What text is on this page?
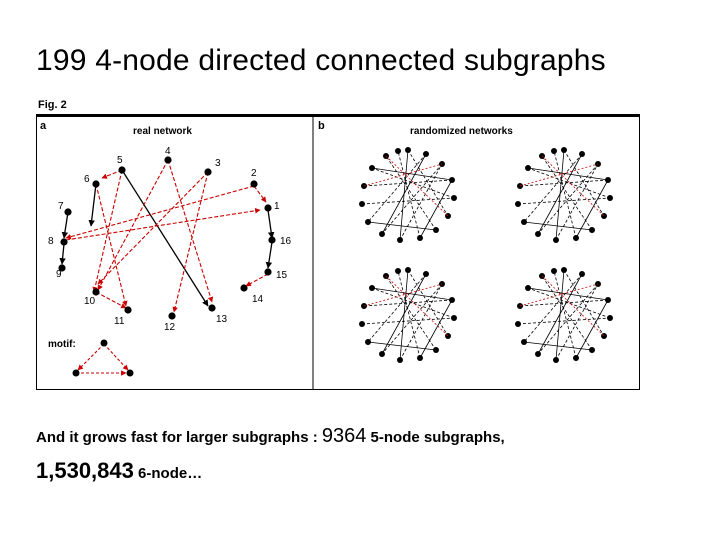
199 4-node directed connected subgraphs
Fig. 2
a	real network
1
2
3
4
5
6
7
8
9
10
11
12
13
14
15
16
motif:
b	randomized networks
And it grows fast for larger subgraphs : 9364 5-node subgraphs,
1,530,843 6-node…
